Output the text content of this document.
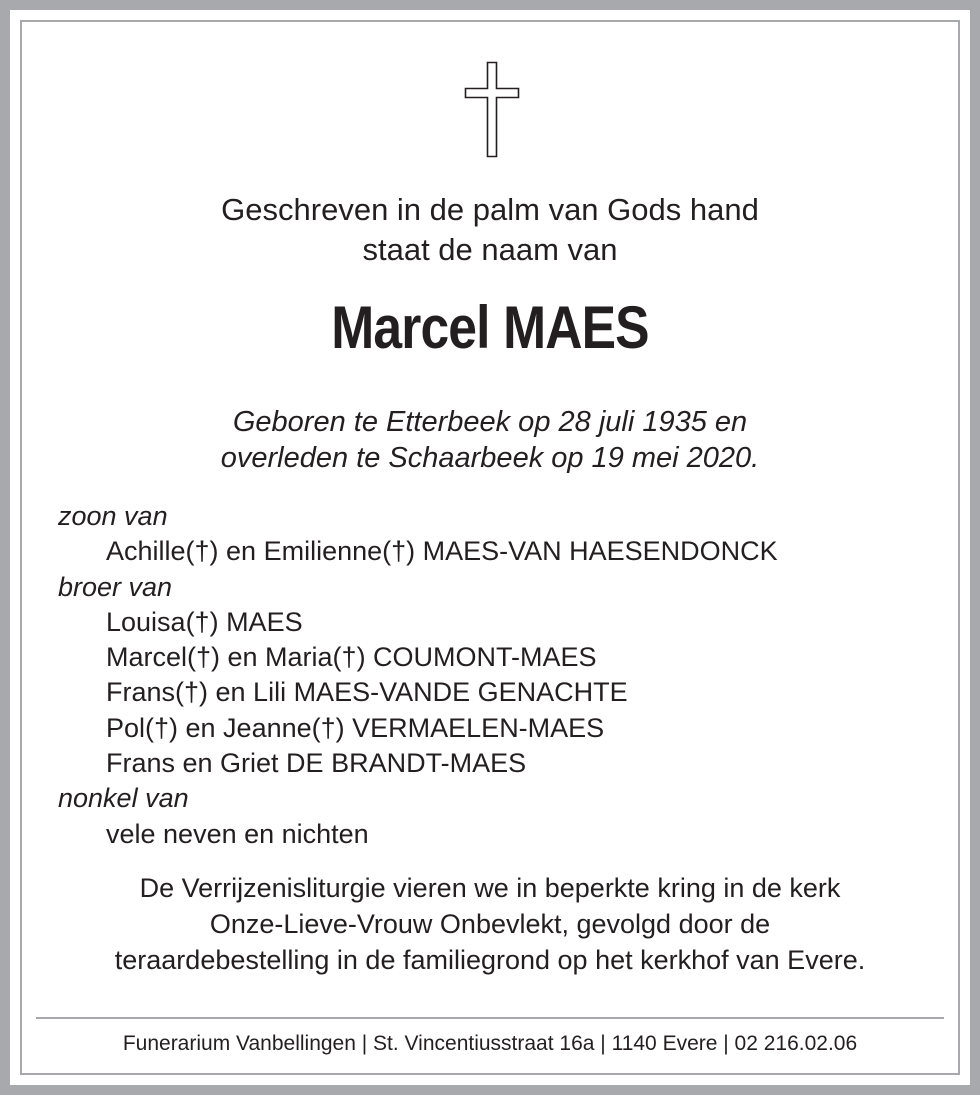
Geschreven in de palm van Gods hand
staat de naam van
Marcel MAES
Geboren te Etterbeek op 28 juli 1935 en
overleden te Schaarbeek op 19 mei 2020.
zoon van
Achille(†) en Emilienne(†) MAES-VAN HAESENDONCK
broer van
Louisa(†) MAES
Marcel(†) en Maria(†) COUMONT-MAES
Frans(†) en Lili MAES-VANDE GENACHTE
Pol(†) en Jeanne(†) VERMAELEN-MAES
Frans en Griet DE BRANDT-MAES
nonkel van
vele neven en nichten
De Verrijzenisliturgie vieren we in beperkte kring in de kerk
Onze-Lieve-Vrouw Onbevlekt, gevolgd door de
teraardebestelling in de familiegrond op het kerkhof van Evere.
Funerarium Vanbellingen | St. Vincentiusstraat 16a | 1140 Evere | 02 216.02.06
